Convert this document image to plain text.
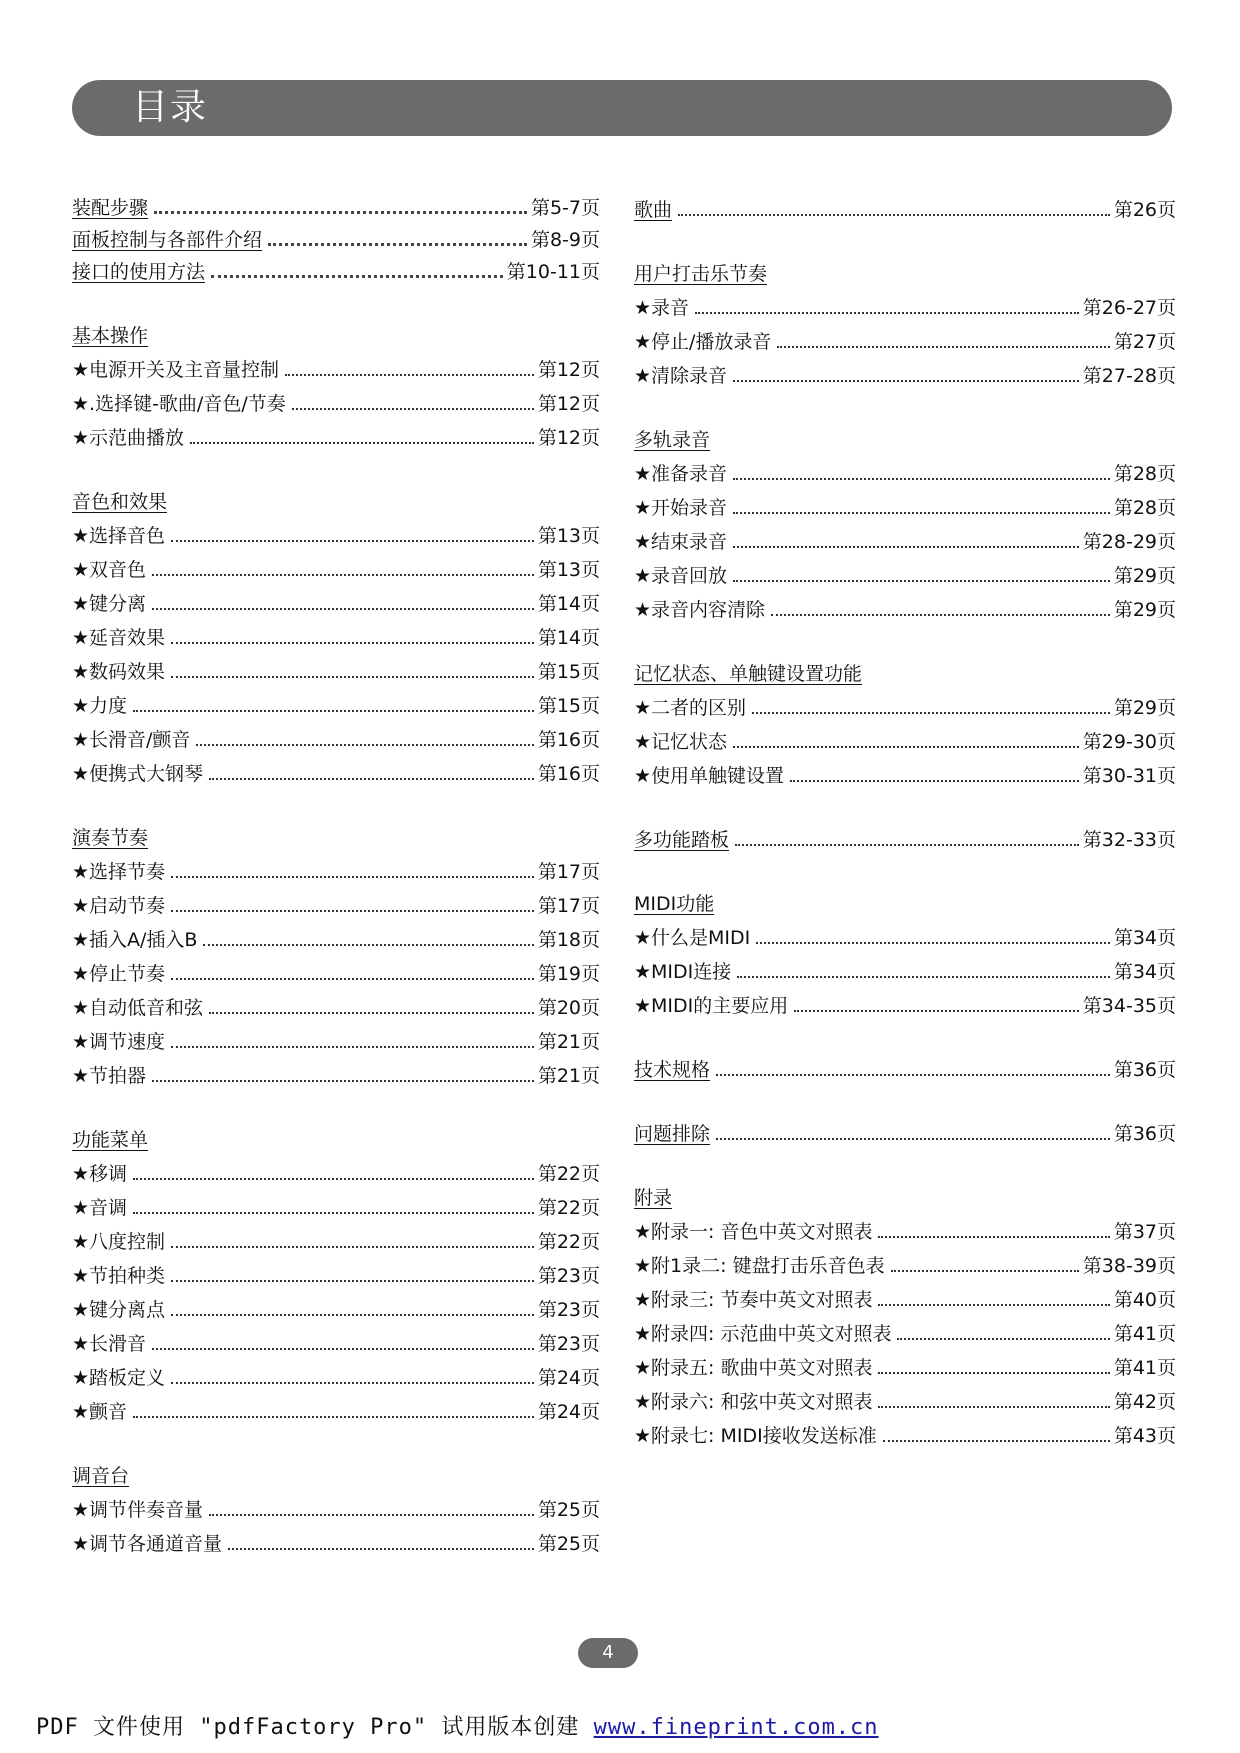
目录
装配步骤	第5-7页
面板控制与各部件介绍	第8-9页
接口的使用方法	第10-11页
基本操作
★电源开关及主音量控制	第12页
★.选择键-歌曲/音色/节奏	第12页
★示范曲播放	第12页
音色和效果
★选择音色	第13页
★双音色	第13页
★键分离	第14页
★延音效果	第14页
★数码效果	第15页
★力度	第15页
★长滑音/颤音	第16页
★便携式大钢琴	第16页
演奏节奏
★选择节奏	第17页
★启动节奏	第17页
★插入A/插入B	第18页
★停止节奏	第19页
★自动低音和弦	第20页
★调节速度	第21页
★节拍器	第21页
功能菜单
★移调	第22页
★音调	第22页
★八度控制	第22页
★节拍种类	第23页
★键分离点	第23页
★长滑音	第23页
★踏板定义	第24页
★颤音	第24页
调音台
★调节伴奏音量	第25页
★调节各通道音量	第25页
歌曲	第26页
用户打击乐节奏
★录音	第26-27页
★停止/播放录音	第27页
★清除录音	第27-28页
多轨录音
★准备录音	第28页
★开始录音	第28页
★结束录音	第28-29页
★录音回放	第29页
★录音内容清除	第29页
记忆状态、单触键设置功能
★二者的区别	第29页
★记忆状态	第29-30页
★使用单触键设置	第30-31页
多功能踏板	第32-33页
MIDI功能
★什么是MIDI	第34页
★MIDI连接	第34页
★MIDI的主要应用	第34-35页
技术规格	第36页
问题排除	第36页
附录
★附录一: 音色中英文对照表	第37页
★附1录二: 键盘打击乐音色表	第38-39页
★附录三: 节奏中英文对照表	第40页
★附录四: 示范曲中英文对照表	第41页
★附录五: 歌曲中英文对照表	第41页
★附录六: 和弦中英文对照表	第42页
★附录七: MIDI接收发送标准	第43页
4
PDF 文件使用 "pdfFactory Pro" 试用版本创建 www.fineprint.com.cn
